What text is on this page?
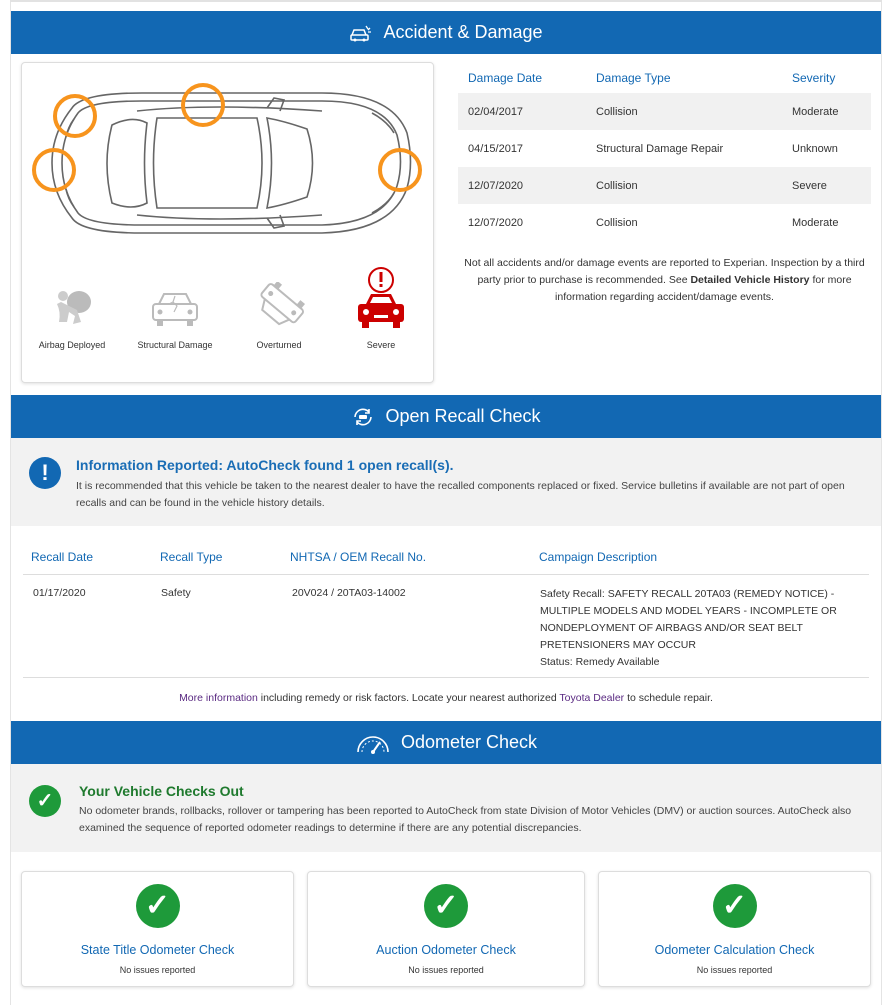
Accident & Damage
Airbag Deployed	Structural Damage	Overturned	Severe
Damage Date	Damage Type	Severity
02/04/2017	Collision	Moderate
04/15/2017	Structural Damage Repair	Unknown
12/07/2020	Collision	Severe
12/07/2020	Collision	Moderate
Not all accidents and/or damage events are reported to Experian. Inspection by a third party prior to purchase is recommended. See Detailed Vehicle History for more information regarding accident/damage events.
Open Recall Check
!	Information Reported: AutoCheck found 1 open recall(s).
It is recommended that this vehicle be taken to the nearest dealer to have the recalled components replaced or fixed. Service bulletins if available are not part of open recalls and can be found in the vehicle history details.
Recall Date	Recall Type	NHTSA / OEM Recall No.	Campaign Description
01/17/2020	Safety	20V024 / 20TA03-14002	Safety Recall: SAFETY RECALL 20TA03 (REMEDY NOTICE) - MULTIPLE MODELS AND MODEL YEARS - INCOMPLETE OR NONDEPLOYMENT OF AIRBAGS AND/OR SEAT BELT PRETENSIONERS MAY OCCUR
Status: Remedy Available
More information including remedy or risk factors. Locate your nearest authorized Toyota Dealer to schedule repair.
Odometer Check
✓	Your Vehicle Checks Out
No odometer brands, rollbacks, rollover or tampering has been reported to AutoCheck from state Division of Motor Vehicles (DMV) or auction sources. AutoCheck also examined the sequence of reported odometer readings to determine if there are any potential discrepancies.
✓
State Title Odometer Check
No issues reported
✓
Auction Odometer Check
No issues reported
✓
Odometer Calculation Check
No issues reported
